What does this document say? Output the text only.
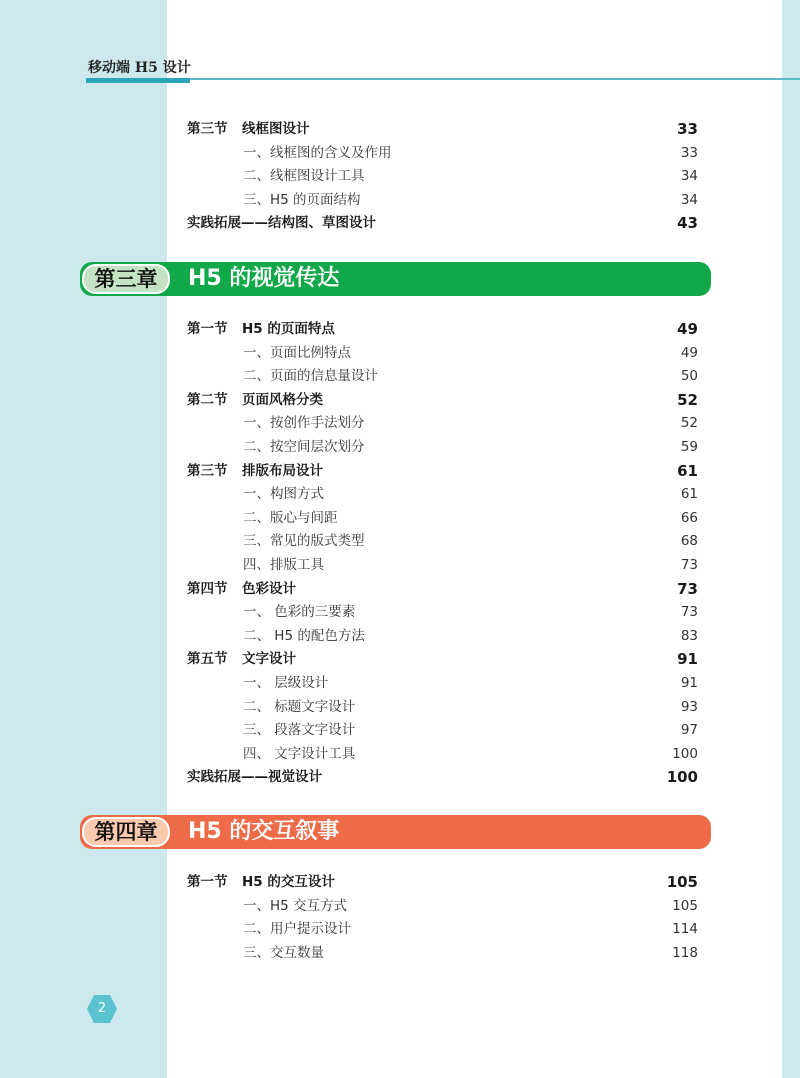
移动端 H5 设计
第三节 线框图设计	33
一、线框图的含义及作用	33
二、线框图设计工具	34
三、H5 的页面结构	34
实践拓展——结构图、草图设计	43
第三章	H5 的视觉传达
第一节 H5 的页面特点	49
一、页面比例特点	49
二、页面的信息量设计	50
第二节 页面风格分类	52
一、按创作手法划分	52
二、按空间层次划分	59
第三节 排版布局设计	61
一、构图方式	61
二、版心与间距	66
三、常见的版式类型	68
四、排版工具	73
第四节 色彩设计	73
一、 色彩的三要素	73
二、 H5 的配色方法	83
第五节 文字设计	91
一、 层级设计	91
二、 标题文字设计	93
三、 段落文字设计	97
四、 文字设计工具	100
实践拓展——视觉设计	100
第四章	H5 的交互叙事
第一节 H5 的交互设计	105
一、H5 交互方式	105
二、用户提示设计	114
三、交互数量	118
2
